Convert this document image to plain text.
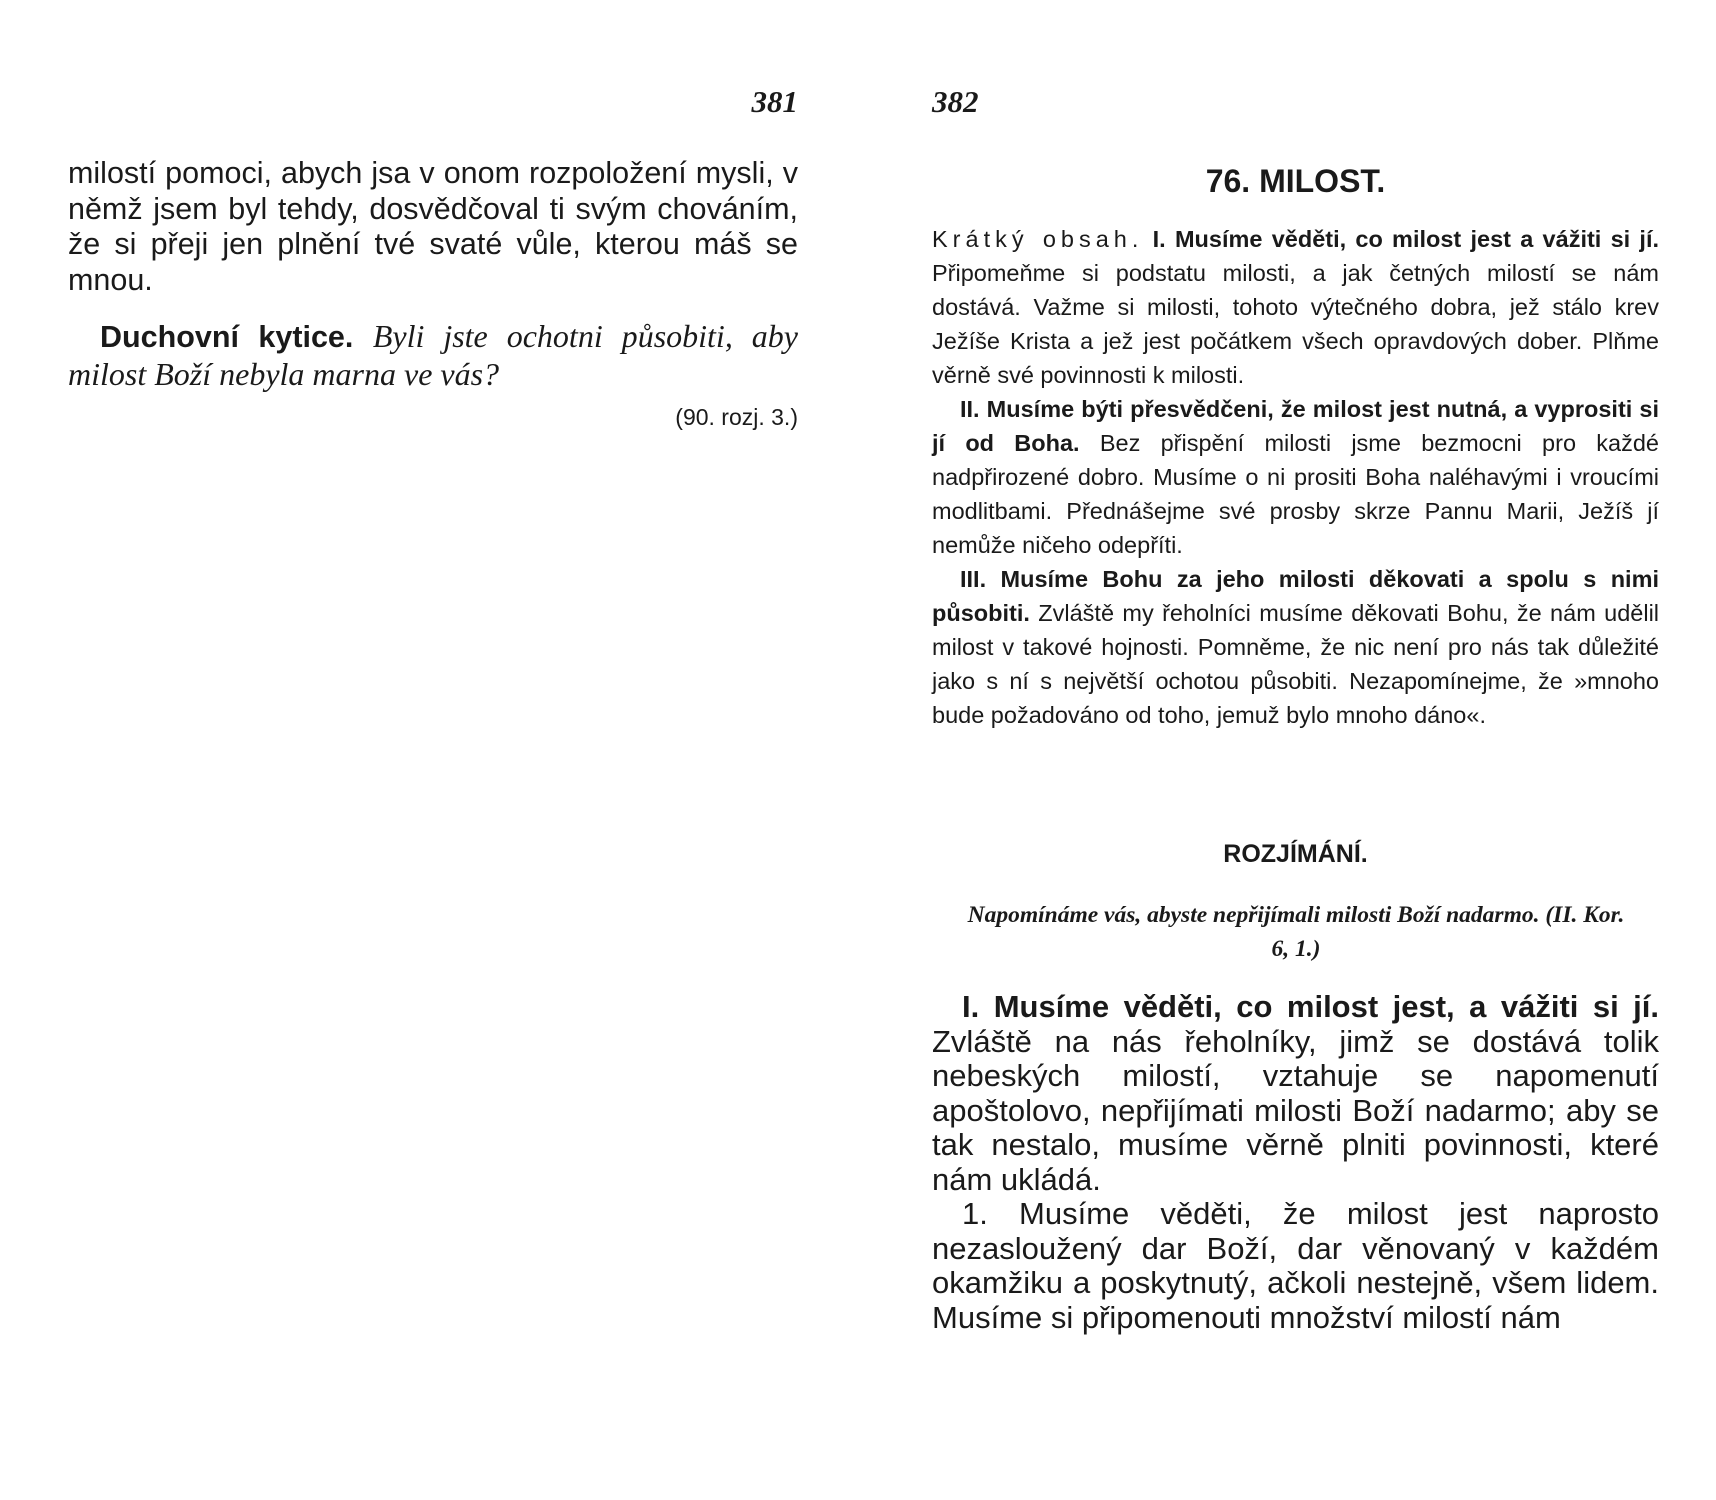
381

milostí pomoci, abych jsa v onom rozpoložení mysli, v němž jsem byl tehdy, dosvědčoval ti svým chováním, že si přeji jen plnění tvé svaté vůle, kterou máš se mnou.

Duchovní kytice. Byli jste ochotni působiti, aby milost Boží nebyla marna ve vás?

(90. rozj. 3.)

382
76. MILOST.

Krátký obsah. I. Musíme věděti, co milost jest a vážiti si jí. Připomeňme si podstatu milosti, a jak četných milostí se nám dostává. Važme si milosti, tohoto výtečného dobra, jež stálo krev Ježíše Krista a jež jest počátkem všech opravdových dober. Plňme věrně své povinnosti k milosti.

II. Musíme býti přesvědčeni, že milost jest nutná, a vyprositi si jí od Boha. Bez přispění milosti jsme bezmocni pro každé nadpřirozené dobro. Musíme o ni prositi Boha naléhavými i vroucími modlitbami. Přednášejme své prosby skrze Pannu Marii, Ježíš jí nemůže ničeho odepříti.

III. Musíme Bohu za jeho milosti děkovati a spolu s nimi působiti. Zvláště my řeholníci musíme děkovati Bohu, že nám udělil milost v takové hojnosti. Pomněme, že nic není pro nás tak důležité jako s ní s největší ochotou působiti. Nezapomínejme, že »mnoho bude požadováno od toho, jemuž bylo mnoho dáno«.

ROZJÍMÁNÍ.

Napomínáme vás, abyste nepřijímali milosti Boží nadarmo. (II. Kor. 6, 1.)

I. Musíme věděti, co milost jest, a vážiti si jí. Zvláště na nás řeholníky, jimž se dostává tolik nebeských milostí, vztahuje se napomenutí apoštolovo, nepřijímati milosti Boží nadarmo; aby se tak nestalo, musíme věrně plniti povinnosti, které nám ukládá.

1. Musíme věděti, že milost jest naprosto nezasloužený dar Boží, dar věnovaný v každém okamžiku a poskytnutý, ačkoli nestejně, všem lidem. Musíme si připomenouti množství milostí nám
